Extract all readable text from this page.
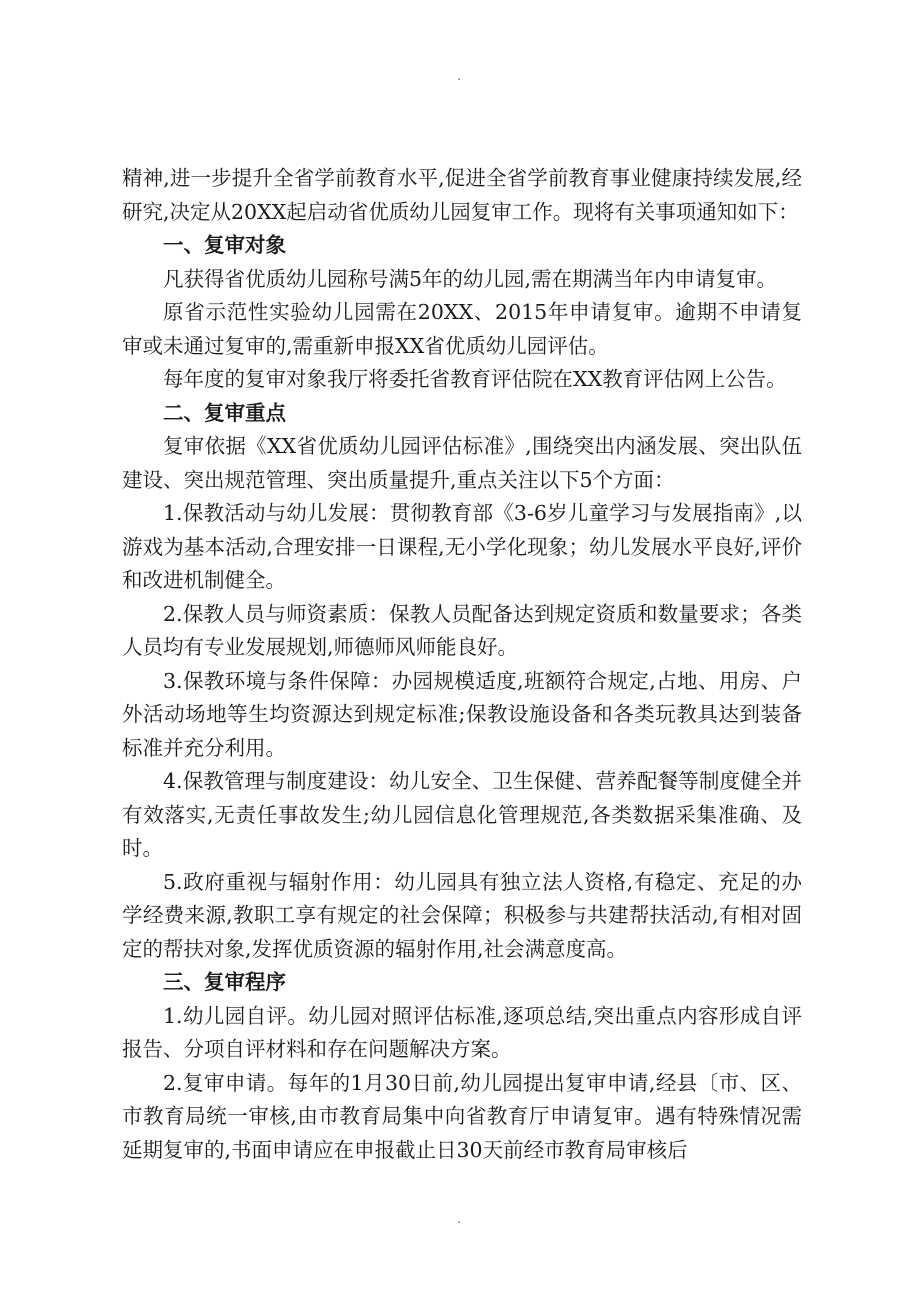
.

精神,进一步提升全省学前教育水平,促进全省学前教育事业健康持续发展,经研究,决定从20XX起启动省优质幼儿园复审工作。现将有关事项通知如下：

一、复审对象

凡获得省优质幼儿园称号满5年的幼儿园,需在期满当年内申请复审。

原省示范性实验幼儿园需在20XX、2015年申请复审。逾期不申请复审或未通过复审的,需重新申报XX省优质幼儿园评估。

每年度的复审对象我厅将委托省教育评估院在XX教育评估网上公告。

二、复审重点

复审依据《XX省优质幼儿园评估标准》,围绕突出内涵发展、突出队伍建设、突出规范管理、突出质量提升,重点关注以下5个方面：

1.保教活动与幼儿发展：贯彻教育部《3-6岁儿童学习与发展指南》,以游戏为基本活动,合理安排一日课程,无小学化现象；幼儿发展水平良好,评价和改进机制健全。

2.保教人员与师资素质：保教人员配备达到规定资质和数量要求；各类人员均有专业发展规划,师德师风师能良好。

3.保教环境与条件保障：办园规模适度,班额符合规定,占地、用房、户外活动场地等生均资源达到规定标准;保教设施设备和各类玩教具达到装备标准并充分利用。

4.保教管理与制度建设：幼儿安全、卫生保健、营养配餐等制度健全并有效落实,无责任事故发生;幼儿园信息化管理规范,各类数据采集准确、及时。

5.政府重视与辐射作用：幼儿园具有独立法人资格,有稳定、充足的办学经费来源,教职工享有规定的社会保障；积极参与共建帮扶活动,有相对固定的帮扶对象,发挥优质资源的辐射作用,社会满意度高。

三、复审程序

1.幼儿园自评。幼儿园对照评估标准,逐项总结,突出重点内容形成自评报告、分项自评材料和存在问题解决方案。

2.复审申请。每年的1月30日前,幼儿园提出复审申请,经县〔市、区、市教育局统一审核,由市教育局集中向省教育厅申请复审。遇有特殊情况需延期复审的,书面申请应在申报截止日30天前经市教育局审核后

.
